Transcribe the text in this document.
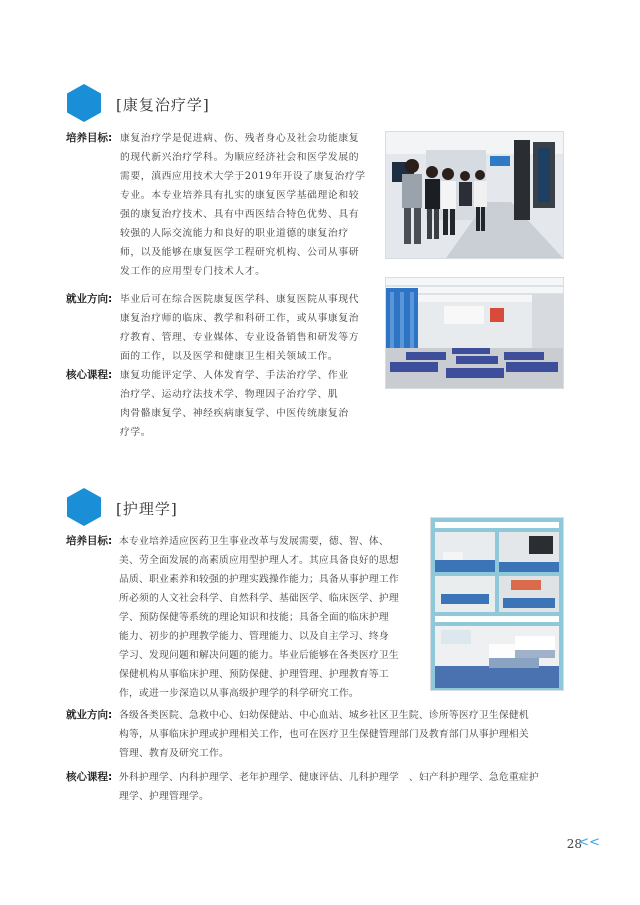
[康复治疗学]
培养目标: 康复治疗学是促进病、伤、残者身心及社会功能康复
的现代新兴治疗学科。为顺应经济社会和医学发展的
需要，滇西应用技术大学于2019年开设了康复治疗学
专业。本专业培养具有扎实的康复医学基础理论和较
强的康复治疗技术、具有中西医结合特色优势、具有
较强的人际交流能力和良好的职业道德的康复治疗
师，以及能够在康复医学工程研究机构、公司从事研
发工作的应用型专门技术人才。
就业方向: 毕业后可在综合医院康复医学科、康复医院从事现代
康复治疗师的临床、教学和科研工作，或从事康复治
疗教育、管理、专业媒体、专业设备销售和研发等方
面的工作，以及医学和健康卫生相关领域工作。
核心课程: 康复功能评定学、人体发育学、手法治疗学、作业
治疗学、运动疗法技术学、物理因子治疗学、肌
肉骨骼康复学、神经疾病康复学、中医传统康复治
疗学。
[护理学]
培养目标: 本专业培养适应医药卫生事业改革与发展需要，德、智、体、
美、劳全面发展的高素质应用型护理人才。其应具备良好的思想
品质、职业素养和较强的护理实践操作能力；具备从事护理工作
所必须的人文社会科学、自然科学、基础医学、临床医学、护理
学、预防保健等系统的理论知识和技能；具备全面的临床护理
能力、初步的护理教学能力、管理能力、以及自主学习、终身
学习、发现问题和解决问题的能力。毕业后能够在各类医疗卫生
保健机构从事临床护理、预防保健、护理管理、护理教育等工
作，或进一步深造以从事高级护理学的科学研究工作。
就业方向: 各级各类医院、急救中心、妇幼保健站、中心血站、城乡社区卫生院、诊所等医疗卫生保健机
构等，从事临床护理或护理相关工作，也可在医疗卫生保健管理部门及教育部门从事护理相关
管理、教育及研究工作。
核心课程: 外科护理学、内科护理学、老年护理学、健康评估、儿科护理学　、妇产科护理学、急危重症护
理学、护理管理学。
28
<<
